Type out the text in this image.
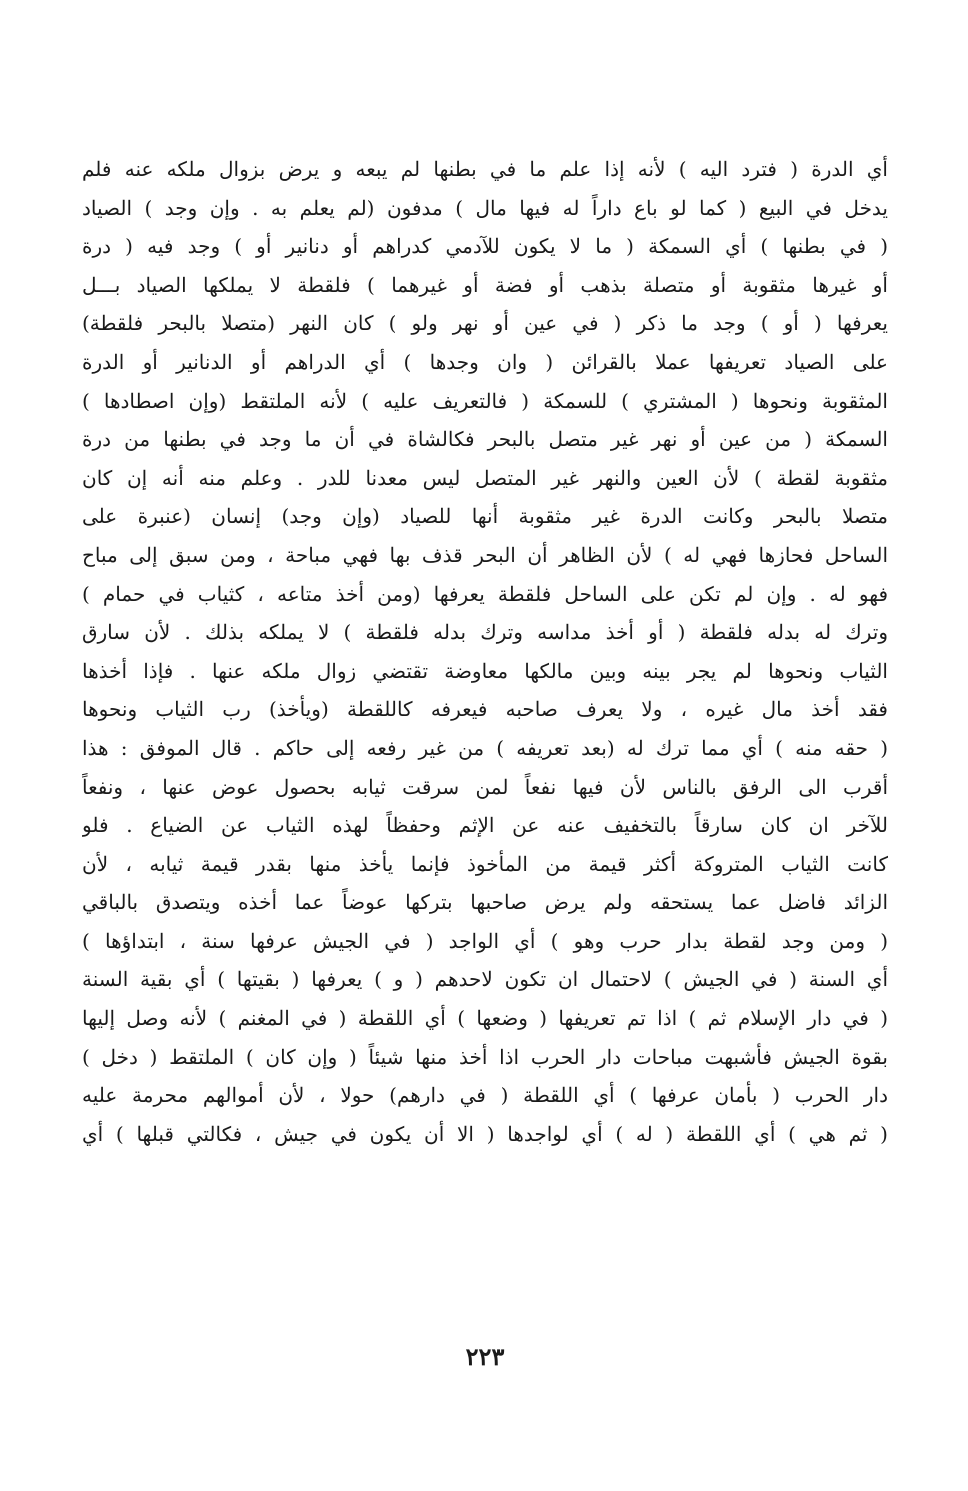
أي الدرة ( فترد اليه ) لأنه إذا علم ما في بطنها لم يبعه و يرض بزوال ملكه عنه فلم
يدخل في البيع ( كما لو باع داراً له فيها مال ) مدفون (لم يعلم به . وإن وجد ) الصياد
( في بطنها ) أي السمكة ( ما لا يكون للآدمي كدراهم أو دنانير أو ) وجد فيه ( درة
أو غيرها مثقوبة أو متصلة بذهب أو فضة أو غيرهما ) فلقطة لا يملكها الصياد بـــل
يعرفها ( أو ) وجد ما ذكر ( في عين أو نهر ولو ) كان النهر (متصلا بالبحر فلقطة)
على الصياد تعريفها عملا بالقرائن ( وان وجدها ) أي الدراهم أو الدنانير أو الدرة
المثقوبة ونحوها ( المشتري ) للسمكة ( فالتعريف عليه ) لأنه الملتقط (وإن اصطادها )
السمكة ( من عين أو نهر غير متصل بالبحر فكالشاة في أن ما وجد في بطنها من درة
مثقوبة لقطة ) لأن العين والنهر غير المتصل ليس معدنا للدر . وعلم منه أنه إن كان
متصلا بالبحر وكانت الدرة غير مثقوبة أنها للصياد (وإن وجد) إنسان (عنبرة على
الساحل فحازها فهي له ) لأن الظاهر أن البحر قذف بها فهي مباحة ، ومن سبق إلى مباح
فهو له . وإن لم تكن على الساحل فلقطة يعرفها (ومن أخذ متاعه ، كثياب في حمام )
وترك له بدله فلقطة ( أو أخذ مداسه وترك بدله فلقطة ) لا يملكه بذلك . لأن سارق
الثياب ونحوها لم يجر بينه وبين مالكها معاوضة تقتضي زوال ملكه عنها . فإذا أخذها
فقد أخذ مال غيره ، ولا يعرف صاحبه فيعرفه كاللقطة (ويأخذ) رب الثياب ونحوها
( حقه منه ) أي مما ترك له (بعد تعريفه ) من غير رفعه إلى حاكم . قال الموفق : هذا
أقرب الى الرفق بالناس لأن فيها نفعاً لمن سرقت ثيابه بحصول عوض عنها ، ونفعاً
للآخر ان كان سارقاً بالتخفيف عنه عن الإثم وحفظاً لهذه الثياب عن الضياع . فلو
كانت الثياب المتروكة أكثر قيمة من المأخوذ فإنما يأخذ منها بقدر قيمة ثيابه ، لأن
الزائد فاضل عما يستحقه ولم يرض صاحبها بتركها عوضاً عما أخذه ويتصدق بالباقي
( ومن وجد لقطة بدار حرب وهو ) أي الواجد ( في الجيش عرفها سنة ، ابتداؤها )
أي السنة ( في الجيش ) لاحتمال ان تكون لاحدهم ( و ) يعرفها ( بقيتها ) أي بقية السنة
( في دار الإسلام ثم ) اذا تم تعريفها ( وضعها ) أي اللقطة ( في المغنم ) لأنه وصل إليها
بقوة الجيش فأشبهت مباحات دار الحرب اذا أخذ منها شيئاً ( وإن كان ) الملتقط ( دخل )
دار الحرب ( بأمان عرفها ) أي اللقطة ( في دارهم) حولا ، لأن أموالهم محرمة عليه
( ثم هي ) أي اللقطة ( له ) أي لواجدها ( الا أن يكون في جيش ، فكالتي قبلها ) أي
٢٢٣
